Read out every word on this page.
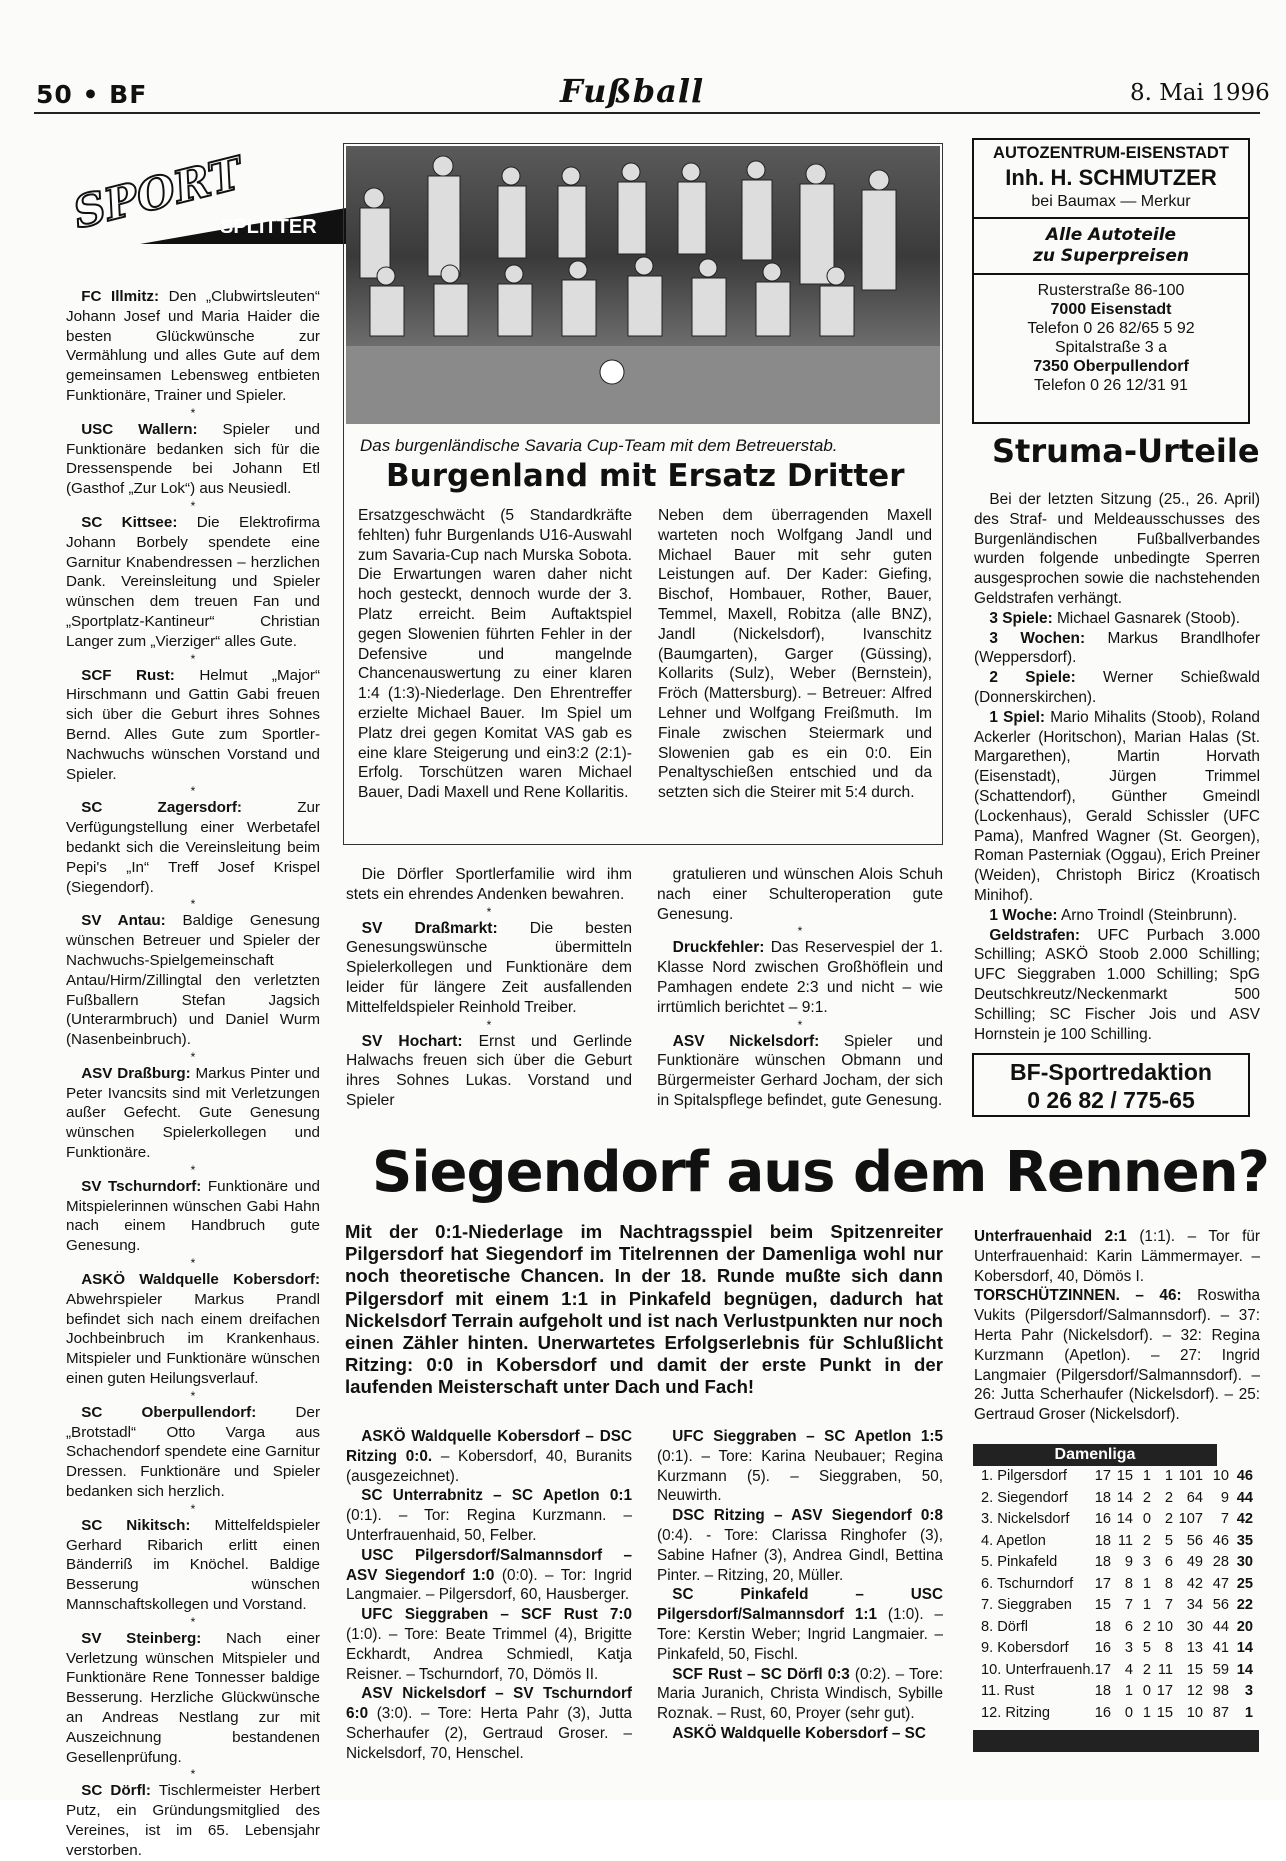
50 • BF	Fußball	8. Mai 1996
SPORT
SPLITTER

FC Illmitz: Den „Clubwirtsleuten“ Johann Josef und Maria Haider die besten Glückwünsche zur Vermählung und alles Gute auf dem gemeinsamen Lebensweg entbieten Funktionäre, Trainer und Spieler.

*

USC Wallern: Spieler und Funktionäre bedanken sich für die Dressenspende bei Johann Etl (Gasthof „Zur Lok“) aus Neusiedl.

*

SC Kittsee: Die Elektrofirma Johann Borbely spendete eine Garnitur Knabendressen – herzlichen Dank. Vereinsleitung und Spieler wünschen dem treuen Fan und „Sportplatz-Kantineur“ Christian Langer zum „Vierziger“ alles Gute.

*

SCF Rust: Helmut „Major“ Hirschmann und Gattin Gabi freuen sich über die Geburt ihres Sohnes Bernd. Alles Gute zum Sportler-Nachwuchs wünschen Vorstand und Spieler.

*

SC Zagersdorf: Zur Verfügungstellung einer Werbetafel bedankt sich die Vereinsleitung beim Pepi's „In“ Treff Josef Krispel (Siegendorf).

*

SV Antau: Baldige Genesung wünschen Betreuer und Spieler der Nachwuchs-Spielgemeinschaft Antau/Hirm/Zillingtal den verletzten Fußballern Stefan Jagsich (Unterarmbruch) und Daniel Wurm (Nasenbeinbruch).

*

ASV Draßburg: Markus Pinter und Peter Ivancsits sind mit Verletzungen außer Gefecht. Gute Genesung wünschen Spielerkollegen und Funktionäre.

*

SV Tschurndorf: Funktionäre und Mitspielerinnen wünschen Gabi Hahn nach einem Handbruch gute Genesung.

*

ASKÖ Waldquelle Kobersdorf: Abwehrspieler Markus Prandl befindet sich nach einem dreifachen Jochbeinbruch im Krankenhaus. Mitspieler und Funktionäre wünschen einen guten Heilungsverlauf.

*

SC Oberpullendorf: Der „Brotstadl“ Otto Varga aus Schachendorf spendete eine Garnitur Dressen. Funktionäre und Spieler bedanken sich herzlich.

*

SC Nikitsch: Mittelfeldspieler Gerhard Ribarich erlitt einen Bänderriß im Knöchel. Baldige Besserung wünschen Mannschaftskollegen und Vorstand.

*

SV Steinberg: Nach einer Verletzung wünschen Mitspieler und Funktionäre Rene Tonnesser baldige Besserung. Herzliche Glückwünsche an Andreas Nestlang zur mit Auszeichnung bestandenen Gesellenprüfung.

*

SC Dörfl: Tischlermeister Herbert Putz, ein Gründungsmitglied des Vereines, ist im 65. Lebensjahr verstorben.

Das burgenländische Savaria Cup-Team mit dem Betreuerstab.
Burgenland mit Ersatz Dritter
Ersatzgeschwächt (5 Standardkräfte fehlten) fuhr Burgenlands U16-Auswahl zum Savaria-Cup nach Murska Sobota. Die Erwartungen waren daher nicht hoch gesteckt, dennoch wurde der 3. Platz erreicht. Beim Auftaktspiel gegen Slowenien führten Fehler in der Defensive und mangelnde Chancenauswertung zu einer klaren 1:4 (1:3)-Niederlage. Den Ehrentreffer erzielte Michael Bauer. Im Spiel um Platz drei gegen Komitat VAS gab es eine klare Steigerung und ein3:2 (2:1)-Erfolg. Torschützen waren Michael Bauer, Dadi Maxell und Rene Kollaritis.
Neben dem überragenden Maxell warteten noch Wolfgang Jandl und Michael Bauer mit sehr guten Leistungen auf. Der Kader: Giefing, Bischof, Hombauer, Rother, Bauer, Temmel, Maxell, Robitza (alle BNZ), Jandl (Nickelsdorf), Ivanschitz (Baumgarten), Garger (Güssing), Kollarits (Sulz), Weber (Bernstein), Fröch (Mattersburg). – Betreuer: Alfred Lehner und Wolfgang Freißmuth. Im Finale zwischen Steiermark und Slowenien gab es ein 0:0. Ein Penaltyschießen entschied und da setzten sich die Steirer mit 5:4 durch.

Die Dörfler Sportlerfamilie wird ihm stets ein ehrendes Andenken bewahren.

*

SV Draßmarkt: Die besten Genesungswünsche übermitteln Spielerkollegen und Funktionäre dem leider für längere Zeit ausfallenden Mittelfeldspieler Reinhold Treiber.

*

SV Hochart: Ernst und Gerlinde Halwachs freuen sich über die Geburt ihres Sohnes Lukas. Vorstand und Spieler

gratulieren und wünschen Alois Schuh nach einer Schulteroperation gute Genesung.

*

Druckfehler: Das Reservespiel der 1. Klasse Nord zwischen Großhöflein und Pamhagen endete 2:3 und nicht – wie irrtümlich berichtet – 9:1.

*

ASV Nickelsdorf: Spieler und Funktionäre wünschen Obmann und Bürgermeister Gerhard Jocham, der sich in Spitalspflege befindet, gute Genesung.

AUTOZENTRUM-EISENSTADT
Inh. H. SCHMUTZER
bei Baumax — Merkur
Alle Autoteile
zu Superpreisen
Rusterstraße 86-100
7000 Eisenstadt
Telefon 0 26 82/65 5 92
Spitalstraße 3 a
7350 Oberpullendorf
Telefon 0 26 12/31 91
Struma-Urteile

Bei der letzten Sitzung (25., 26. April) des Straf- und Meldeausschusses des Burgenländischen Fußballverbandes wurden folgende unbedingte Sperren ausgesprochen sowie die nachstehenden Geldstrafen verhängt.

3 Spiele: Michael Gasnarek (Stoob).

3 Wochen: Markus Brandlhofer (Weppersdorf).

2 Spiele: Werner Schießwald (Donnerskirchen).

1 Spiel: Mario Mihalits (Stoob), Roland Ackerler (Horitschon), Marian Halas (St. Margarethen), Martin Horvath (Eisenstadt), Jürgen Trimmel (Schattendorf), Günther Gmeindl (Lockenhaus), Gerald Schissler (UFC Pama), Manfred Wagner (St. Georgen), Roman Pasterniak (Oggau), Erich Preiner (Weiden), Christoph Biricz (Kroatisch Minihof).

1 Woche: Arno Troindl (Steinbrunn).

Geldstrafen: UFC Purbach 3.000 Schilling; ASKÖ Stoob 2.000 Schilling; UFC Sieggraben 1.000 Schilling; SpG Deutschkreutz/Neckenmarkt 500 Schilling; SC Fischer Jois und ASV Hornstein je 100 Schilling.

BF-Sportredaktion
0 26 82 / 775-65
Siegendorf aus dem Rennen?
Mit der 0:1-Niederlage im Nachtragsspiel beim Spitzenreiter Pilgersdorf hat Siegendorf im Titelrennen der Damenliga wohl nur noch theoretische Chancen. In der 18. Runde mußte sich dann Pilgersdorf mit einem 1:1 in Pinkafeld begnügen, dadurch hat Nickelsdorf Terrain aufgeholt und ist nach Verlustpunkten nur noch einen Zähler hinten. Unerwartetes Erfolgserlebnis für Schlußlicht Ritzing: 0:0 in Kobersdorf und damit der erste Punkt in der laufenden Meisterschaft unter Dach und Fach!

ASKÖ Waldquelle Kobersdorf – DSC Ritzing 0:0. – Kobersdorf, 40, Buranits (ausgezeichnet).

SC Unterrabnitz – SC Apetlon 0:1 (0:1). – Tor: Regina Kurzmann. – Unterfrauenhaid, 50, Felber.

USC Pilgersdorf/Salmannsdorf – ASV Siegendorf 1:0 (0:0). – Tor: Ingrid Langmaier. – Pilgersdorf, 60, Hausberger.

UFC Sieggraben – SCF Rust 7:0 (1:0). – Tore: Beate Trimmel (4), Brigitte Eckhardt, Andrea Schmiedl, Katja Reisner. – Tschurndorf, 70, Dömös II.

ASV Nickelsdorf – SV Tschurndorf 6:0 (3:0). – Tore: Herta Pahr (3), Jutta Scherhaufer (2), Gertraud Groser. – Nickelsdorf, 70, Henschel.

UFC Sieggraben – SC Apetlon 1:5 (0:1). – Tore: Karina Neubauer; Regina Kurzmann (5). – Sieggraben, 50, Neuwirth.

DSC Ritzing – ASV Siegendorf 0:8 (0:4). - Tore: Clarissa Ringhofer (3), Sabine Hafner (3), Andrea Gindl, Bettina Pinter. – Ritzing, 20, Müller.

SC Pinkafeld – USC Pilgersdorf/Salmannsdorf 1:1 (1:0). – Tore: Kerstin Weber; Ingrid Langmaier. – Pinkafeld, 50, Fischl.

SCF Rust – SC Dörfl 0:3 (0:2). – Tore: Maria Juranich, Christa Windisch, Sybille Roznak. – Rust, 60, Proyer (sehr gut).

ASKÖ Waldquelle Kobersdorf – SC

Unterfrauenhaid 2:1 (1:1). – Tor für Unterfrauenhaid: Karin Lämmermayer. – Kobersdorf, 40, Dömös I.

TORSCHÜTZINNEN. – 46: Roswitha Vukits (Pilgersdorf/Salmannsdorf). – 37: Herta Pahr (Nickelsdorf). – 32: Regina Kurzmann (Apetlon). – 27: Ingrid Langmaier (Pilgersdorf/Salmannsdorf). – 26: Jutta Scherhaufer (Nickelsdorf). – 25: Gertraud Groser (Nickelsdorf).

Damenliga
1. Pilgersdorf	17 15 1 1 101 10 46
2. Siegendorf	18 14 2 2 64	9 44
3. Nickelsdorf	16 14 0 2 107	7 42
4. Apetlon	18 11 2 5 56 46 35
5. Pinkafeld	18 9 3 6 49 28 30
6. Tschurndorf	17 8 1 8 42 47 25
7. Sieggraben	15 7 1 7 34 56 22
8. Dörfl	18 6 2 10 30 44 20
9. Kobersdorf	16 3 5 8 13 41 14
10. Unterfrauenh. 17 4 2 11 15 59 14
11. Rust	18 1 0 17 12 98	3
12. Ritzing	16 0 1 15 10 87	1
